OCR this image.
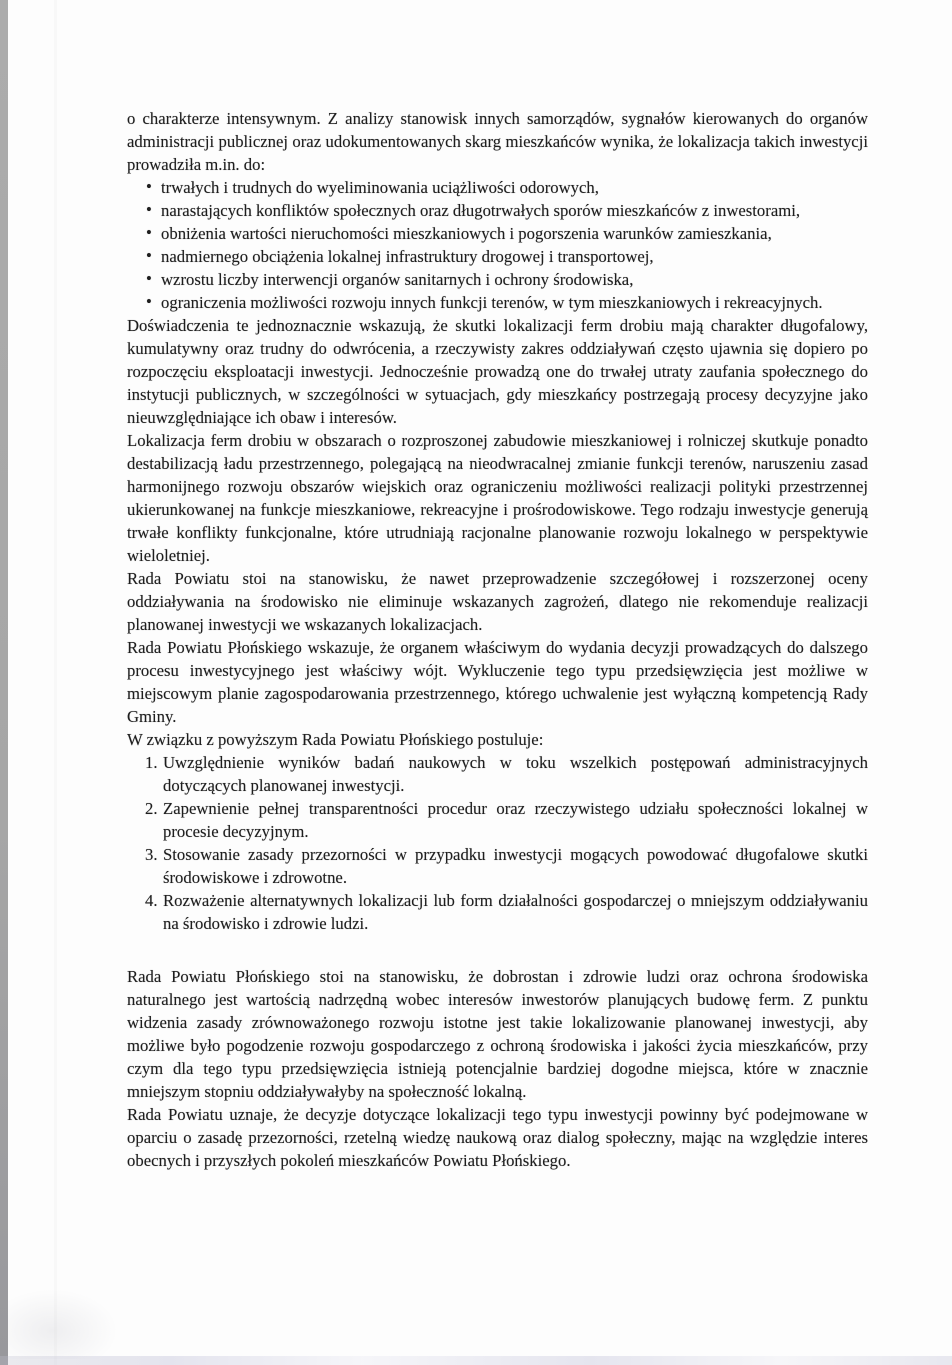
o charakterze intensywnym. Z analizy stanowisk innych samorządów, sygnałów kierowanych do organów administracji publicznej oraz udokumentowanych skarg mieszkańców wynika, że lokalizacja takich inwestycji prowadziła m.in. do:

• trwałych i trudnych do wyeliminowania uciążliwości odorowych,
• narastających konfliktów społecznych oraz długotrwałych sporów mieszkańców z inwestorami,
• obniżenia wartości nieruchomości mieszkaniowych i pogorszenia warunków zamieszkania,
• nadmiernego obciążenia lokalnej infrastruktury drogowej i transportowej,
• wzrostu liczby interwencji organów sanitarnych i ochrony środowiska,
• ograniczenia możliwości rozwoju innych funkcji terenów, w tym mieszkaniowych i rekreacyjnych.

Doświadczenia te jednoznacznie wskazują, że skutki lokalizacji ferm drobiu mają charakter długofalowy, kumulatywny oraz trudny do odwrócenia, a rzeczywisty zakres oddziaływań często ujawnia się dopiero po rozpoczęciu eksploatacji inwestycji. Jednocześnie prowadzą one do trwałej utraty zaufania społecznego do instytucji publicznych, w szczególności w sytuacjach, gdy mieszkańcy postrzegają procesy decyzyjne jako nieuwzględniające ich obaw i interesów.

Lokalizacja ferm drobiu w obszarach o rozproszonej zabudowie mieszkaniowej i rolniczej skutkuje ponadto destabilizacją ładu przestrzennego, polegającą na nieodwracalnej zmianie funkcji terenów, naruszeniu zasad harmonijnego rozwoju obszarów wiejskich oraz ograniczeniu możliwości realizacji polityki przestrzennej ukierunkowanej na funkcje mieszkaniowe, rekreacyjne i prośrodowiskowe. Tego rodzaju inwestycje generują trwałe konflikty funkcjonalne, które utrudniają racjonalne planowanie rozwoju lokalnego w perspektywie wieloletniej.

Rada Powiatu stoi na stanowisku, że nawet przeprowadzenie szczegółowej i rozszerzonej oceny oddziaływania na środowisko nie eliminuje wskazanych zagrożeń, dlatego nie rekomenduje realizacji planowanej inwestycji we wskazanych lokalizacjach.

Rada Powiatu Płońskiego wskazuje, że organem właściwym do wydania decyzji prowadzących do dalszego procesu inwestycyjnego jest właściwy wójt. Wykluczenie tego typu przedsięwzięcia jest możliwe w miejscowym planie zagospodarowania przestrzennego, którego uchwalenie jest wyłączną kompetencją Rady Gminy.

W związku z powyższym Rada Powiatu Płońskiego postuluje:

1. Uwzględnienie wyników badań naukowych w toku wszelkich postępowań administracyjnych dotyczących planowanej inwestycji.
2. Zapewnienie pełnej transparentności procedur oraz rzeczywistego udziału społeczności lokalnej w procesie decyzyjnym.
3. Stosowanie zasady przezorności w przypadku inwestycji mogących powodować długofalowe skutki środowiskowe i zdrowotne.
4. Rozważenie alternatywnych lokalizacji lub form działalności gospodarczej o mniejszym oddziaływaniu na środowisko i zdrowie ludzi.

Rada Powiatu Płońskiego stoi na stanowisku, że dobrostan i zdrowie ludzi oraz ochrona środowiska naturalnego jest wartością nadrzędną wobec interesów inwestorów planujących budowę ferm. Z punktu widzenia zasady zrównoważonego rozwoju istotne jest takie lokalizowanie planowanej inwestycji, aby możliwe było pogodzenie rozwoju gospodarczego z ochroną środowiska i jakości życia mieszkańców, przy czym dla tego typu przedsięwzięcia istnieją potencjalnie bardziej dogodne miejsca, które w znacznie mniejszym stopniu oddziaływałyby na społeczność lokalną.

Rada Powiatu uznaje, że decyzje dotyczące lokalizacji tego typu inwestycji powinny być podejmowane w oparciu o zasadę przezorności, rzetelną wiedzę naukową oraz dialog społeczny, mając na względzie interes obecnych i przyszłych pokoleń mieszkańców Powiatu Płońskiego.
